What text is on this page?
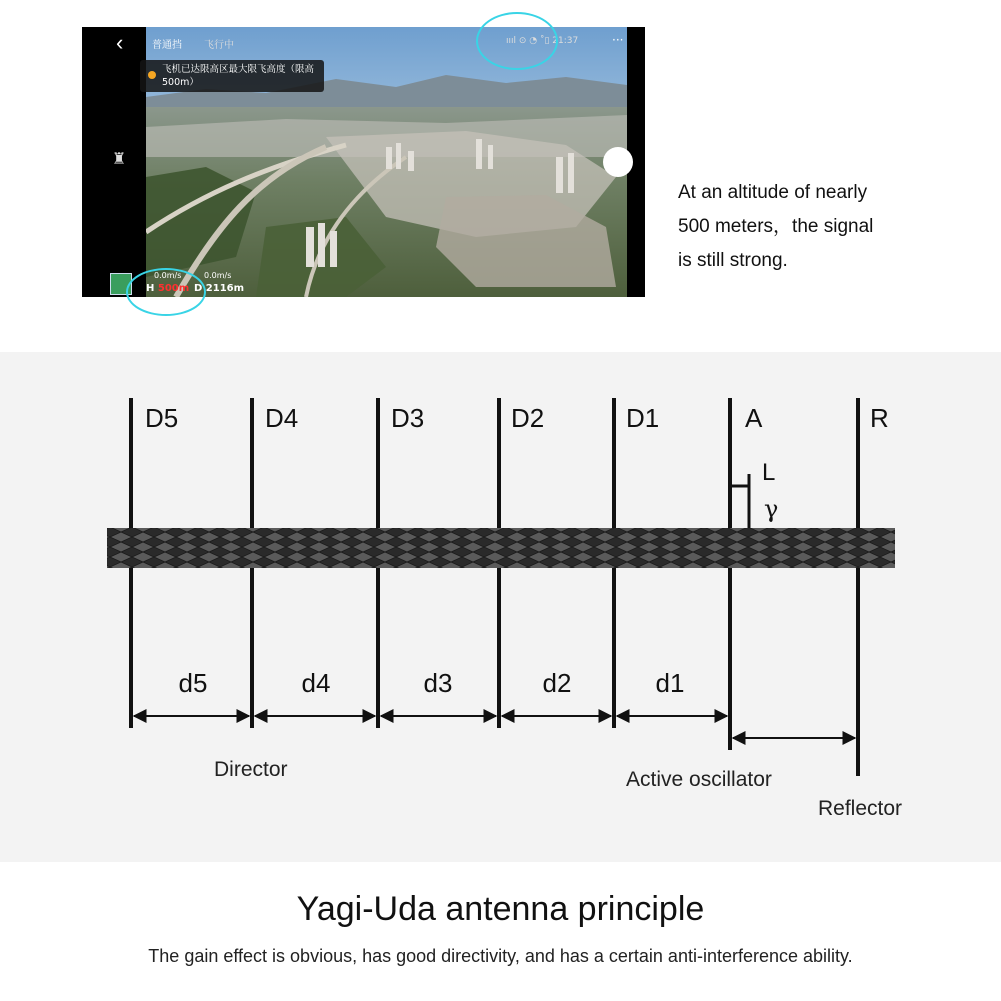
‹
♜
普通挡 飞行中	ıııl ⊙ ◔ ˚▯ 21:37	···
飞机已达限高区最大限飞高度（限高 500m）
0.0m/s	0.0m/s
H 500m D 2116m
At an altitude of nearly
500 meters，the signal
is still strong.
D5	D4	D3	D2	D1	A	R
L
γ
d5	d4	d3	d2	d1
Director	Active oscillator
Reflector
Yagi-Uda antenna principle
The gain effect is obvious, has good directivity, and has a certain anti-interference ability.
